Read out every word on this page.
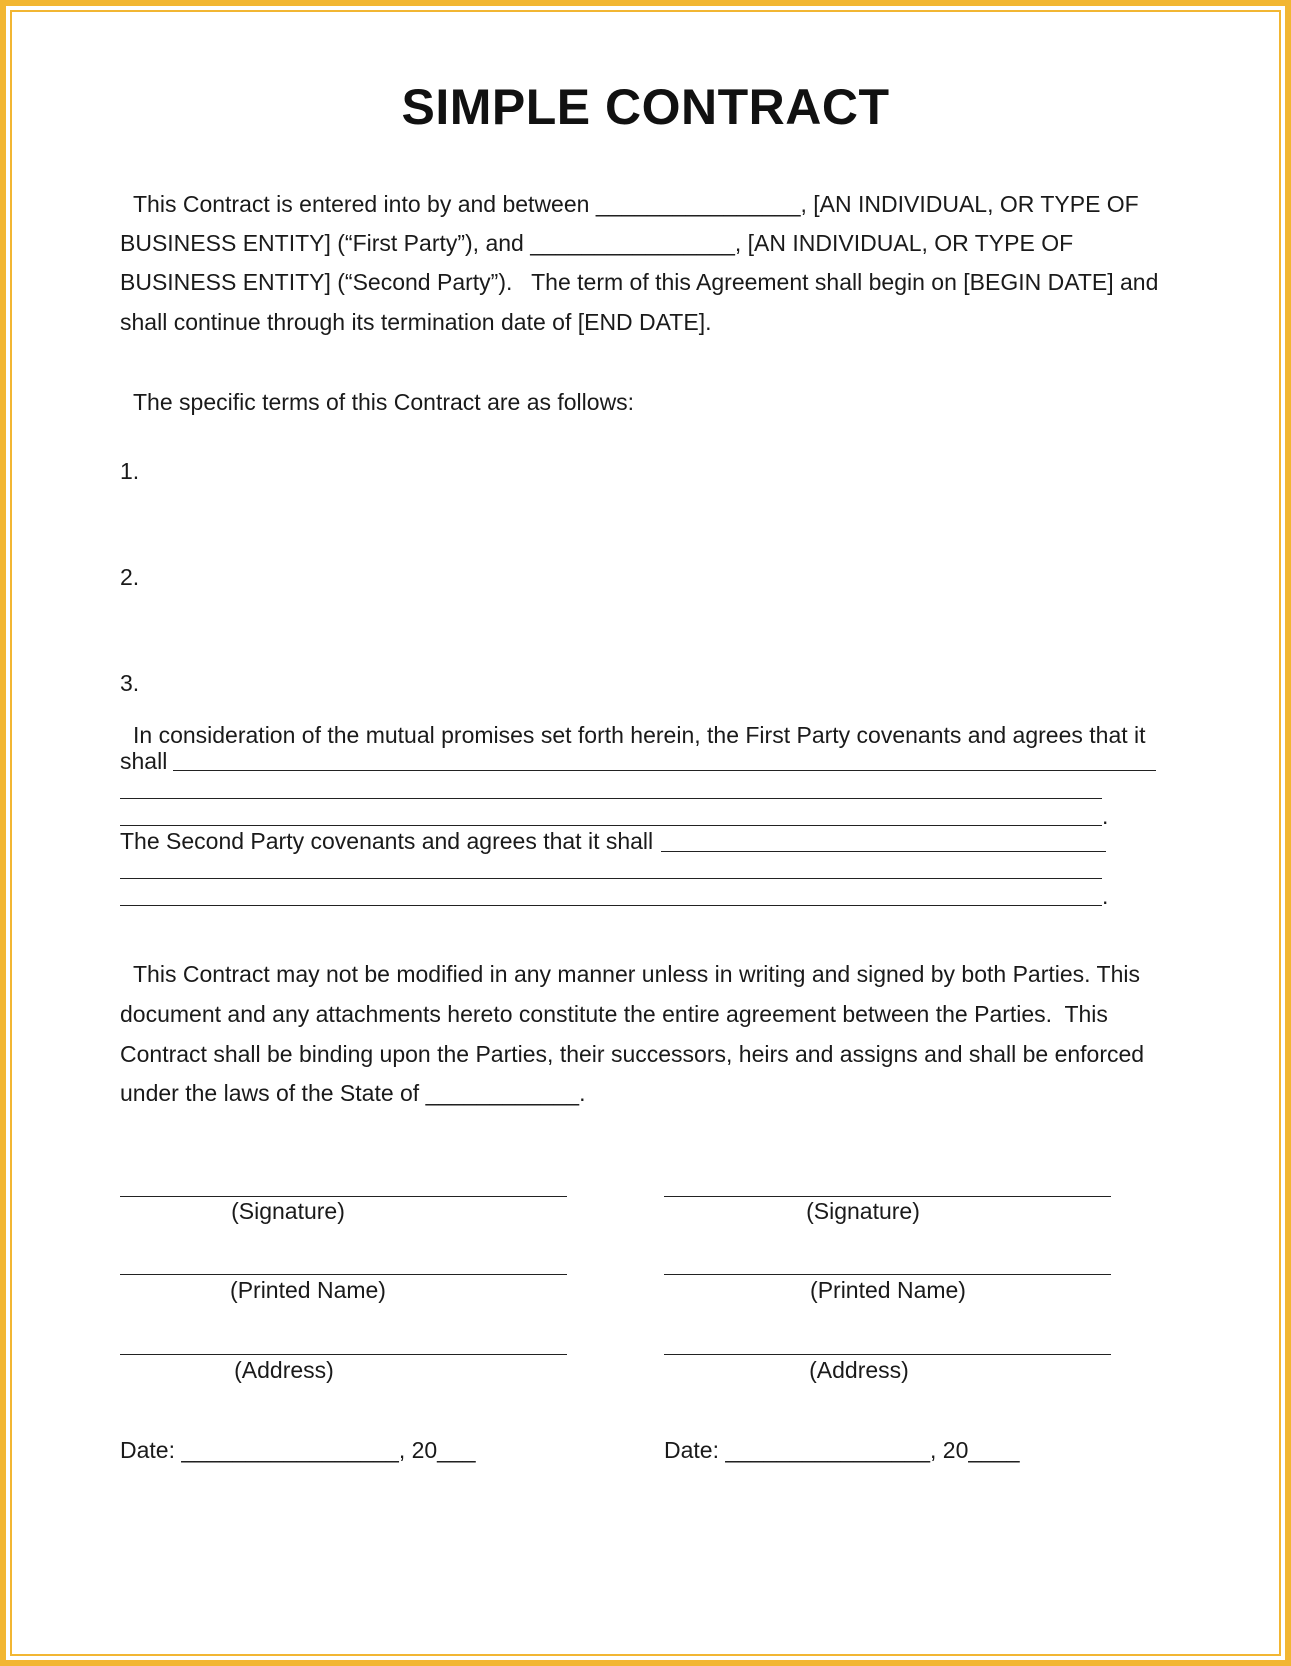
SIMPLE CONTRACT
This Contract is entered into by and between ________________, [AN INDIVIDUAL, OR TYPE OF
BUSINESS ENTITY] (“First Party”), and ________________, [AN INDIVIDUAL, OR TYPE OF
BUSINESS ENTITY] (“Second Party”).   The term of this Agreement shall begin on [BEGIN DATE] and
shall continue through its termination date of [END DATE].
The specific terms of this Contract are as follows:
1.
2.
3.
In consideration of the mutual promises set forth herein, the First Party covenants and agrees that it
shall
.
The Second Party covenants and agrees that it shall
.
This Contract may not be modified in any manner unless in writing and signed by both Parties. This
document and any attachments hereto constitute the entire agreement between the Parties.  This
Contract shall be binding upon the Parties, their successors, heirs and assigns and shall be enforced
under the laws of the State of ____________.
(Signature)
(Printed Name)
(Address)
Date: _________________, 20___
(Signature)
(Printed Name)
(Address)
Date: ________________, 20____
